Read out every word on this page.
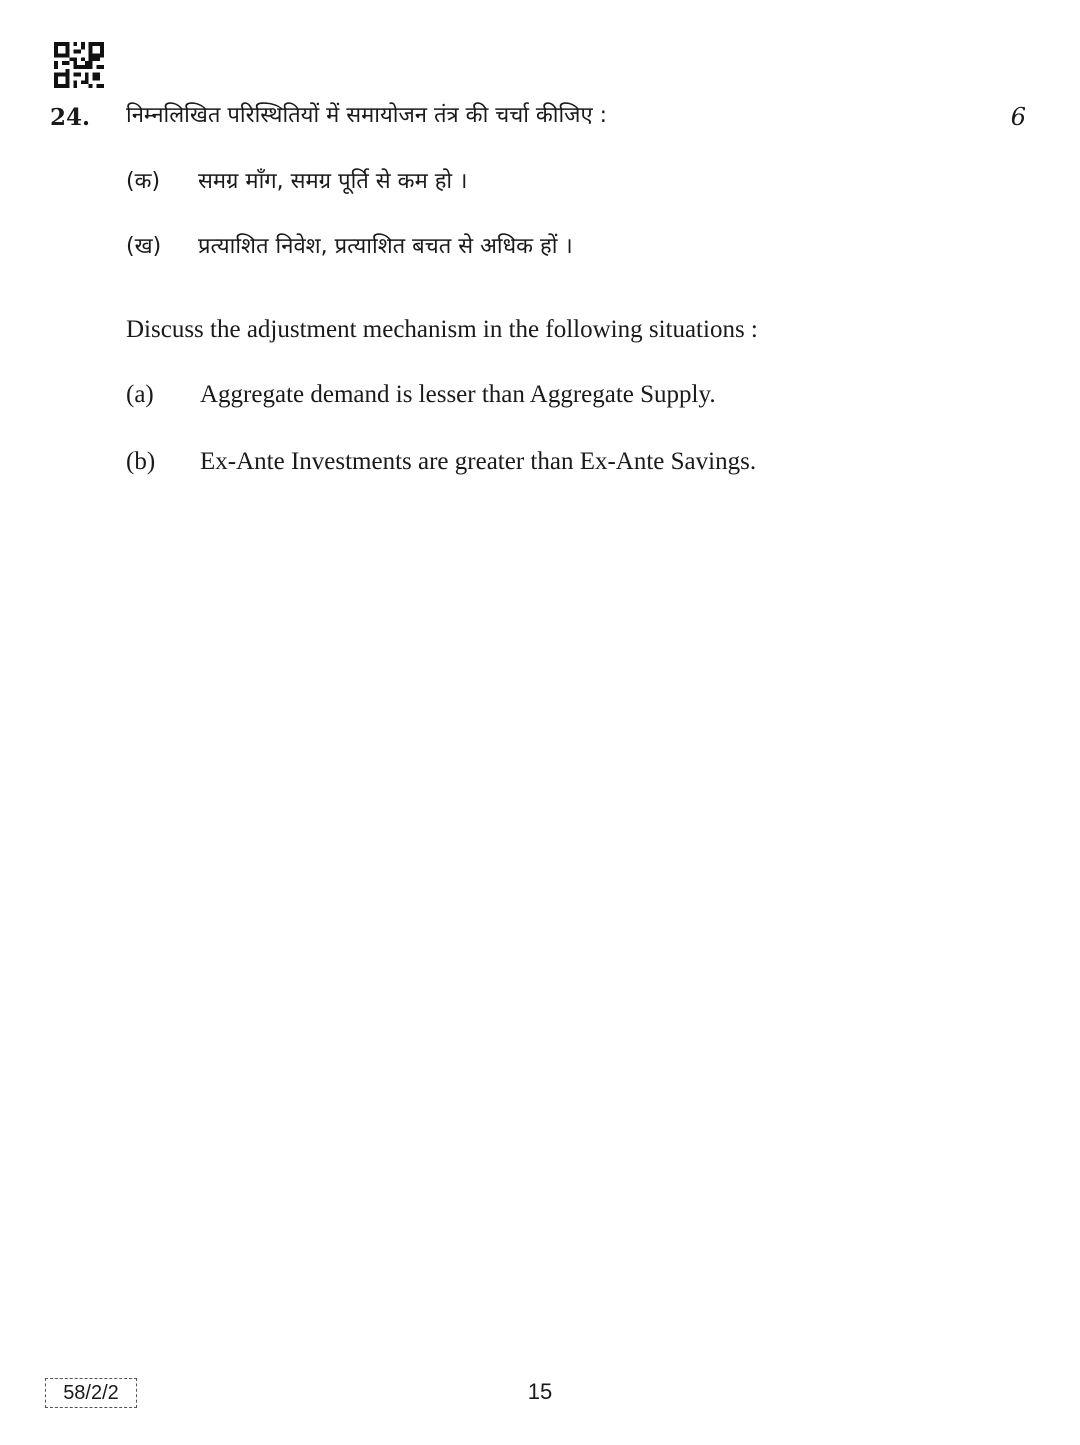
24. निम्नलिखित परिस्थितियों में समायोजन तंत्र की चर्चा कीजिए :	6
(क)	समग्र माँग, समग्र पूर्ति से कम हो ।
(ख)	प्रत्याशित निवेश, प्रत्याशित बचत से अधिक हों ।
Discuss the adjustment mechanism in the following situations :
(a)	Aggregate demand is lesser than Aggregate Supply.
(b)	Ex-Ante Investments are greater than Ex-Ante Savings.
58/2/2	15
